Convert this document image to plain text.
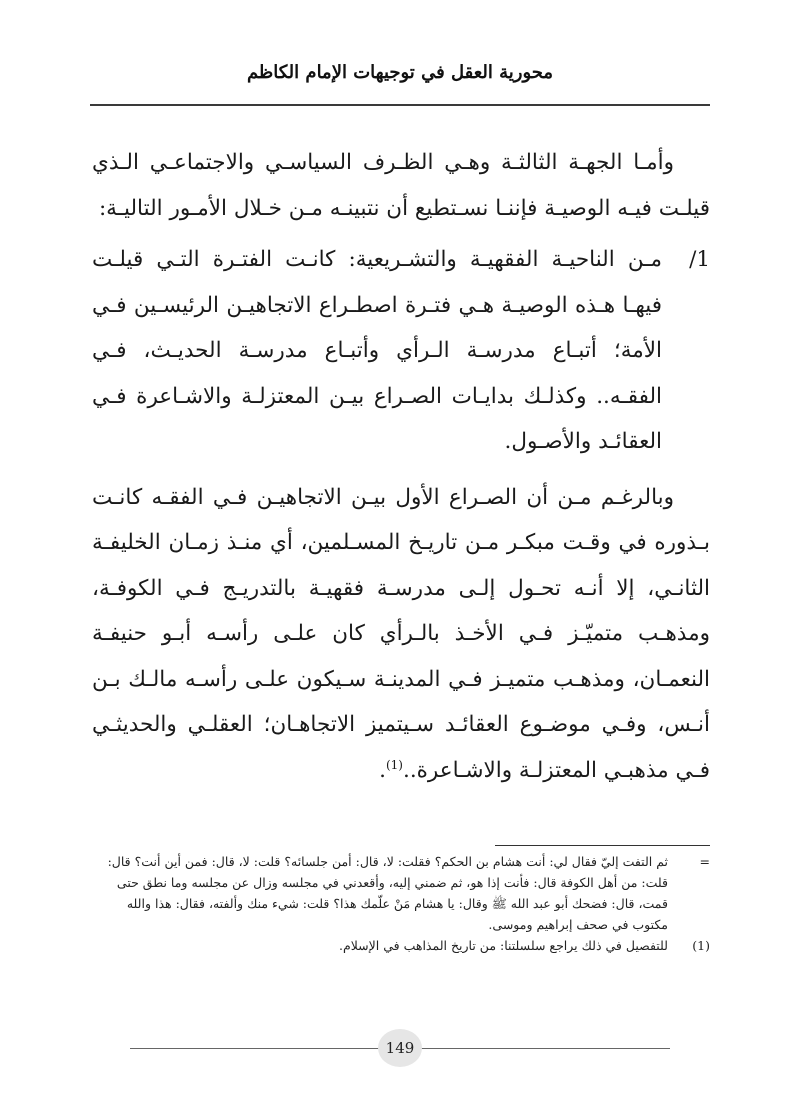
محورية العقل في توجيهات الإمام الكاظم

وأمـا الجهـة الثالثـة وهـي الظـرف السياسـي والاجتماعـي الـذي قيلـت فيـه الوصيـة فإننـا نسـتطيع أن نتبينـه مـن خـلال الأمـور التاليـة:

1/
مـن الناحيـة الفقهيـة والتشـريعية: كانـت الفتـرة التـي قيلـت فيهـا هـذه الوصيـة هـي فتـرة اصطـراع الاتجاهيـن الرئيسـين فـي الأمة؛ أتبـاع مدرسـة الـرأي وأتبـاع مدرسـة الحديـث، فـي الفقـه.. وكذلـك بدايـات الصـراع بيـن المعتزلـة والاشـاعرة فـي العقائـد والأصـول.

وبالرغـم مـن أن الصـراع الأول بيـن الاتجاهيـن فـي الفقـه كانـت بـذوره في وقـت مبكـر مـن تاريـخ المسـلمين، أي منـذ زمـان الخليفـة الثانـي، إلا أنـه تحـول إلـى مدرسـة فقهيـة بالتدريـج فـي الكوفـة، ومذهـب متميّـز فـي الأخـذ بالـرأي كان علـى رأسـه أبـو حنيفـة النعمـان، ومذهـب متميـز فـي المدينـة سـيكون علـى رأسـه مالـك بـن أنـس، وفـي موضـوع العقائـد سـيتميز الاتجاهـان؛ العقلـي والحديثـي فـي مذهبـي المعتزلـة والاشـاعرة..$^{(1)}$.

=
ثم التفت إليّ فقال لي: أنت هشام بن الحكم؟ فقلت: لا، قال: أمن جلسائه؟ قلت: لا، قال: فمن أين أنت؟ قال: قلت: من أهل الكوفة قال: فأنت إذا هو، ثم ضمني إليه، وأقعدني في مجلسه وزال عن مجلسه وما نطق حتى قمت، قال: فضحك أبو عبد الله ﷺ وقال: يا هشام مَنْ علّمك هذا؟ قلت: شيء منك وألفته، فقال: هذا والله مكتوب في صحف إبراهيم وموسى.
(1)
للتفصيل في ذلك يراجع سلسلتنا: من تاريخ المذاهب في الإسلام.
149
